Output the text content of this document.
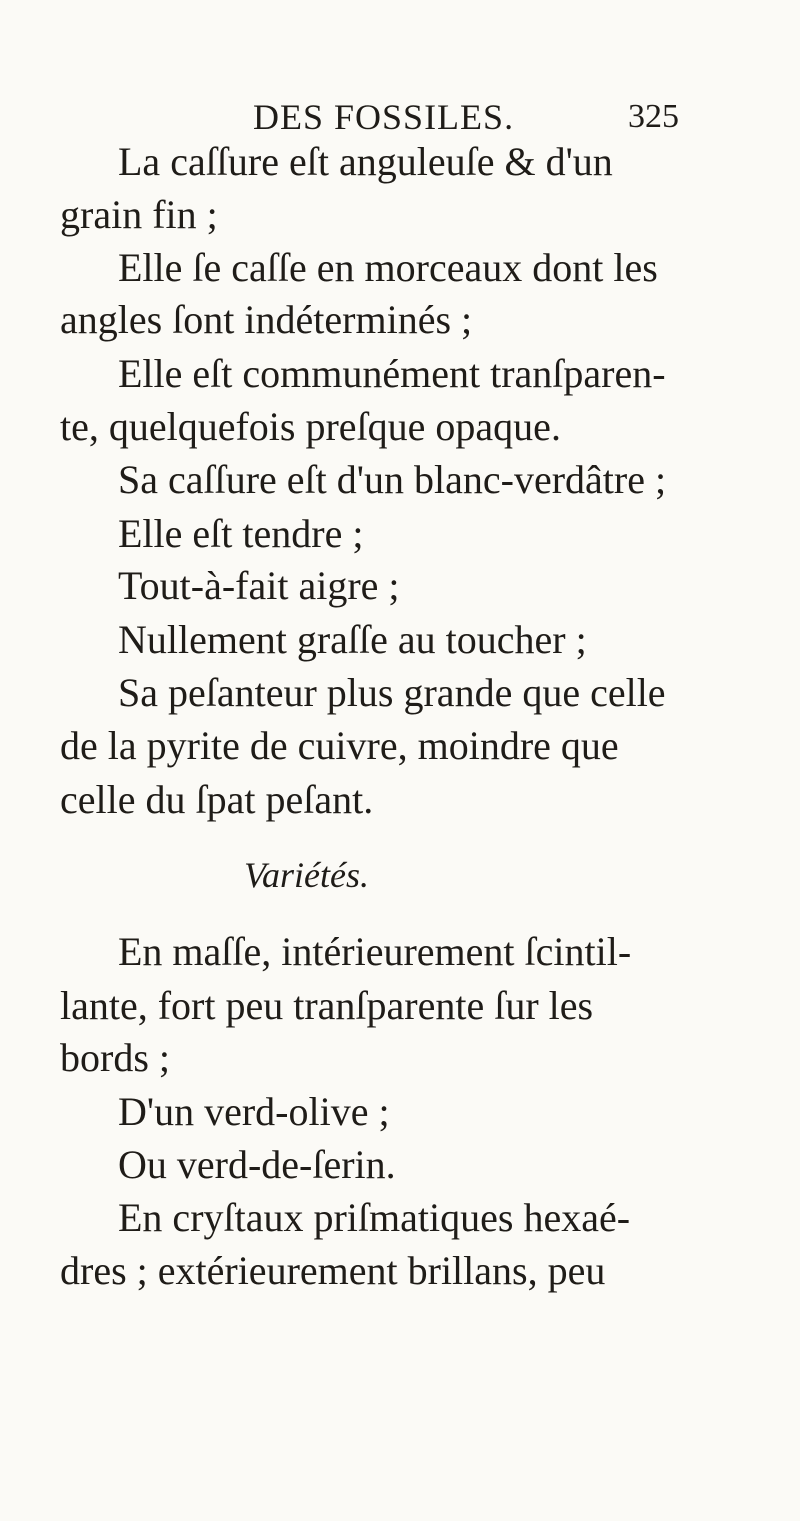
DES FOSSILES.	325
La caſſure eſt anguleuſe & d'un
grain fin ;
Elle ſe caſſe en morceaux dont les
angles ſont indéterminés ;
Elle eſt communément tranſparen-
te, quelquefois preſque opaque.
Sa caſſure eſt d'un blanc-verdâtre ;
Elle eſt tendre ;
Tout-à-fait aigre ;
Nullement graſſe au toucher ;
Sa peſanteur plus grande que celle
de la pyrite de cuivre, moindre que
celle du ſpat peſant.
Variétés.
En maſſe, intérieurement ſcintil-
lante, fort peu tranſparente ſur les
bords ;
D'un verd-olive ;
Ou verd-de-ſerin.
En cryſtaux priſmatiques hexaé-
dres ; extérieurement brillans, peu
